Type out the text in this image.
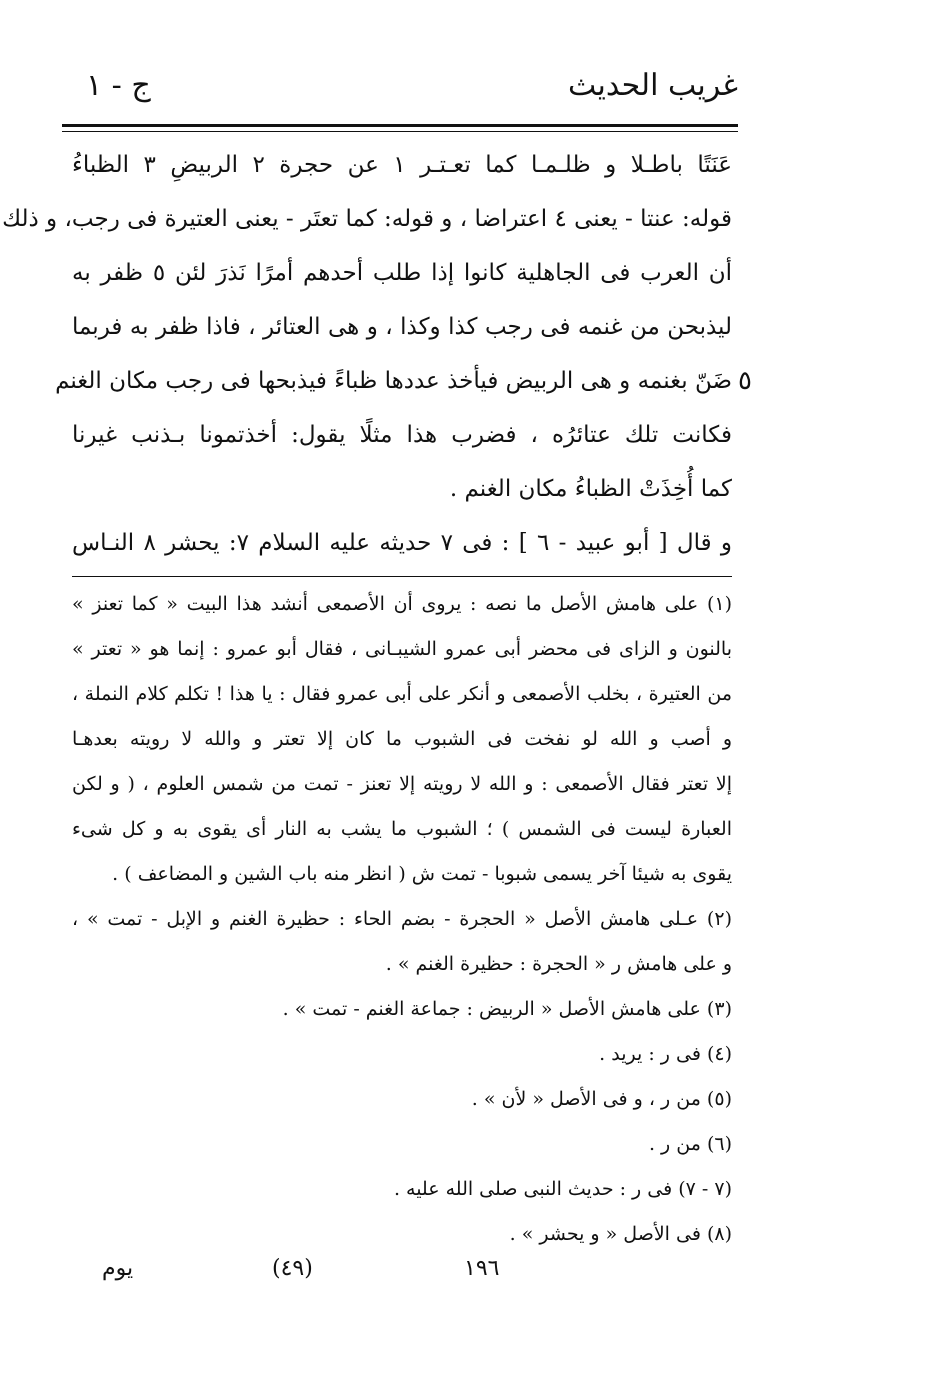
غريب الحديث
ج - ١
٥
عَنَتًا باطـلا و ظلـمـا كما تعـتـر ١ عن حجرة ٢ الربيضِ ٣ الظباءُ
قوله: عنتا - يعنى ٤ اعتراضا ، و قوله: كما تعتَر - يعنى العتيرة فى رجب، و ذلك
أن العرب فى الجاهلية كانوا إذا طلب أحدهم أمرًا نَذرَ لئن ٥ ظفر به
ليذبحن من غنمه فى رجب كذا وكذا ، و هى العتائر ، فاذا ظفر به فربما
ضَنّ بغنمه و هى الربيض فيأخذ عددها ظباءً فيذبحها فى رجب مكان الغنم
فكانت تلك عتائرُه ، فضرب هذا مثلًا يقول: أخذتمونا بـذنب غيرنا
كما أُخِذَتْ الظباءُ مكان الغنم .
و قال [ أبو عبيد - ٦ ] : فى ٧ حديثه عليه السلام ٧: يحشر ٨ النـاس
(١) على هامش الأصل ما نصه : يروى أن الأصمعى أنشد هذا البيت « كما تعنز »
بالنون و الزاى فى محضر أبى عمرو الشيبـانى ، فقال أبو عمرو : إنما هو « تعتر »
من العتيرة ، بخلب الأصمعى و أنكر على أبى عمرو فقال : يا هذا ! تكلم كلام النملة ،
و أصب و الله لو نفخت فى الشبوب ما كان إلا تعتر و والله لا رويته بعدهـا
إلا تعتر فقال الأصمعى : و الله لا رويته إلا تعنز - تمت من شمس العلوم ، ( و لكن
العبارة ليست فى الشمس ) ؛ الشبوب ما يشب به النار أى يقوى به و كل شىء
يقوى به شيئا آخر يسمى شبوبا - تمت ش ( انظر منه باب الشين و المضاعف ) .
(٢) عـلى هامش الأصل « الحجرة - بضم الحاء : حظيرة الغنم و الإبل - تمت » ،
و على هامش ر « الحجرة : حظيرة الغنم » .
(٣) على هامش الأصل « الربيض : جماعة الغنم - تمت » .
(٤) فى ر : يريد .
(٥) من ر ، و فى الأصل « لأن » .
(٦) من ر .
(٧ - ٧) فى ر : حديث النبى صلى الله عليه .
(٨) فى الأصل « و يحشر » .
يوم	(٤٩)	١٩٦
